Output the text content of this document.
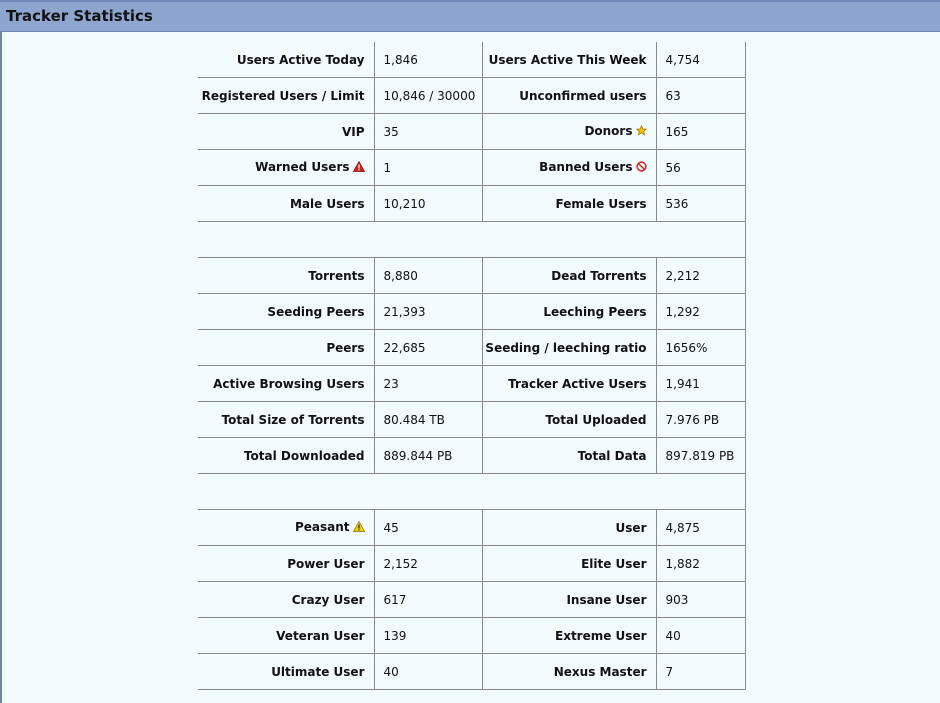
Tracker Statistics
Users Active Today	1,846	Users Active This Week	4,754
Registered Users / Limit	10,846 / 30000	Unconfirmed users	63
VIP	35	Donors	165
Warned Users	1	Banned Users	56
Male Users	10,210	Female Users	536

Torrents	8,880	Dead Torrents	2,212
Seeding Peers	21,393	Leeching Peers	1,292
Peers	22,685	Seeding / leeching ratio	1656%
Active Browsing Users	23	Tracker Active Users	1,941
Total Size of Torrents	80.484 TB	Total Uploaded	7.976 PB
Total Downloaded	889.844 PB	Total Data	897.819 PB

Peasant	45	User	4,875
Power User	2,152	Elite User	1,882
Crazy User	617	Insane User	903
Veteran User	139	Extreme User	40
Ultimate User	40	Nexus Master	7
